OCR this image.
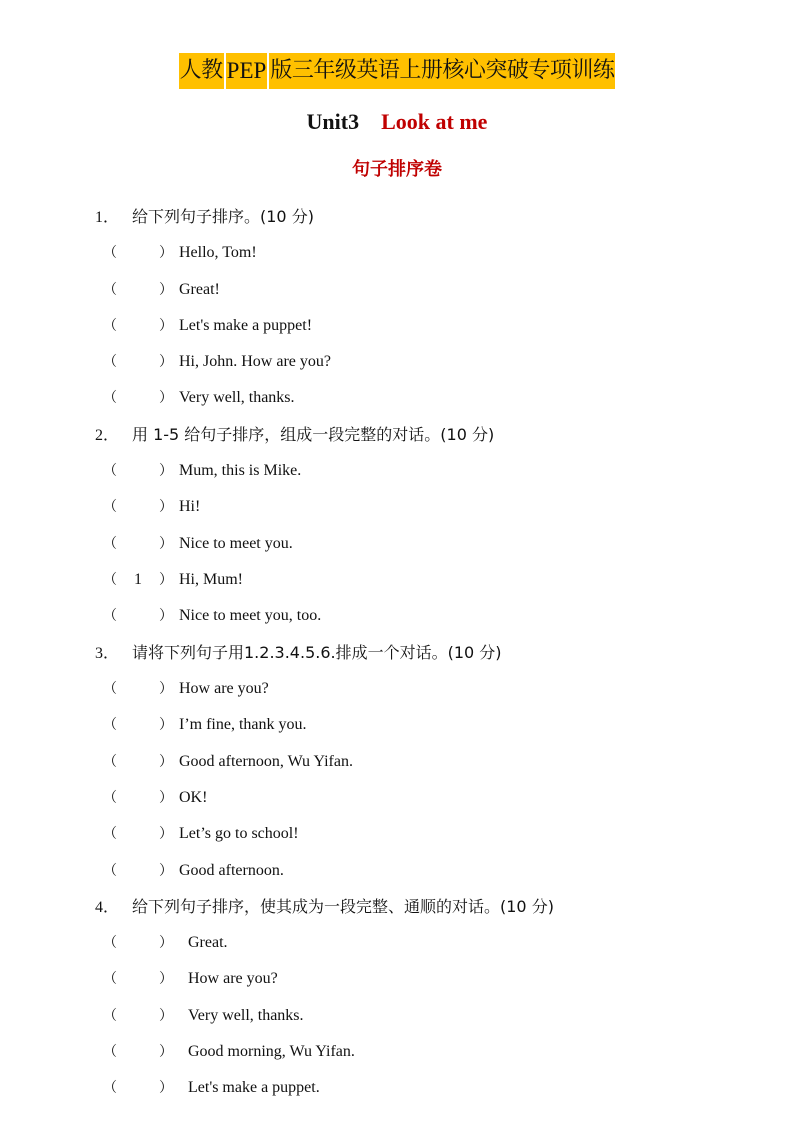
人教 PEP 版三年级英语上册核心突破专项训练
Unit3 Look at me
句子排序卷
1． 给下列句子排序。(10 分)
（	） Hello, Tom!
（	） Great!
（	） Let's make a puppet!
（	） Hi, John. How are you?
（	） Very well, thanks.
2． 用 1-5 给句子排序，组成一段完整的对话。(10 分)
（	） Mum, this is Mike.
（	） Hi!
（	） Nice to meet you.
（ 1 ） Hi, Mum!
（	） Nice to meet you, too.
3． 请将下列句子用1.2.3.4.5.6.排成一个对话。(10 分)
（	） How are you?
（	） I’m fine, thank you.
（	） Good afternoon, Wu Yifan.
（	） OK!
（	） Let’s go to school!
（	） Good afternoon.
4． 给下列句子排序，使其成为一段完整、通顺的对话。(10 分)
（	） Great.
（	） How are you?
（	） Very well, thanks.
（	） Good morning, Wu Yifan.
（	） Let's make a puppet.
